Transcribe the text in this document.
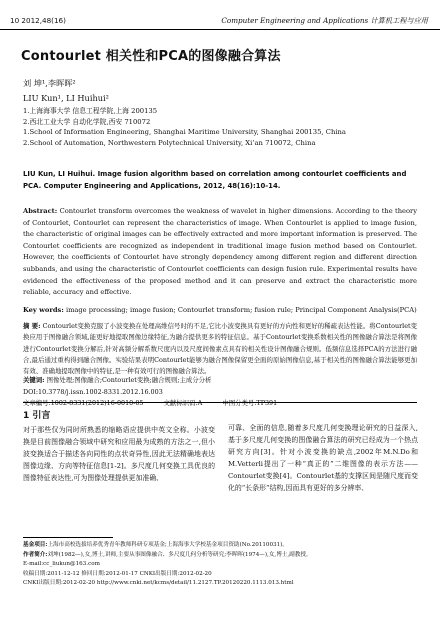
10 2012,48(16)	Computer Engineering and Applications 计算机工程与应用
Contourlet 相关性和PCA的图像融合算法
刘 坤¹,李晖晖²
LIU Kun¹, LI Huihui²
1.上海海事大学 信息工程学院,上海 200135
2.西北工业大学 自动化学院,西安 710072
1.School of Information Engineering, Shanghai Maritime University, Shanghai 200135, China
2.School of Automation, Northwestern Polytechnical University, Xi’an 710072, China
LIU Kun, LI Huihui. Image fusion algorithm based on correlation among contourlet coefficients and PCA. Computer Engineering and Applications, 2012, 48(16):10-14.
Abstract: Contourlet transform overcomes the weakness of wavelet in higher dimensions. According to the theory of Contourlet, Contourlet can represent the characteristics of image. When Contourlet is applied to image fusion, the characteristic of original images can be effectively extracted and more important information is preserved. The Contourlet coefficients are recognized as independent in traditional image fusion method based on Contourlet. However, the coefficients of Contourlet have strongly dependency among different region and different direction subbands, and using the characteristic of Contourlet coefficients can design fusion rule. Experimental results have evidenced the effectiveness of the proposed method and it can preserve and extract the characteristic more reliable, accuracy and effective.
Key words: image processing; image fusion; Contourlet transform; fusion rule; Principal Component Analysis(PCA)
摘 要: Contourlet变换克服了小波变换在处理高维信号时的不足,它比小波变换具有更好的方向性和更好的稀疏表达性能。将Contourlet变换应用于图像融合领域,能更好地提取图像边缘特征,为融合提供更多的特征信息。基于Contourlet变换系数相关性的图像融合算法是将图像进行Contourlet变换分解后,针对高频分解系数尺度内以及尺度间像素点具有的相关性设计图像融合规则。低频信息选择PCA的方法进行融合,最后通过重构得到融合图像。实验结果表明Contourlet能够为融合图像保留更全面的原始图像信息,基于相关性的图像融合算法能够更加有效、准确地提取图像中的特征,是一种有效可行的图像融合算法。
关键词: 图像处理;图像融合;Contourlet变换;融合规则;主成分分析
DOI:10.3778/j.issn.1002-8331.2012.16.003
文章编号:1002-8331(2012)16-0010-05	文献标识码:A	中图分类号:TP391
1 引言

对于那些仅为同时所熟悉的缩略语应提供中英文全称。小波变换是目前图像融合领域中研究和应用最为成熟的方法之一,但小波变换适合于描述各向同性的点状奇异性,因此无法精确地表达图像边缘、方向等特征信息[1-2]。多尺度几何变换工具优良的图像特征表达性,可为图像处理提供更加准确、

可靠、全面的信息,随着多尺度几何变换理论研究的日益深入,基于多尺度几何变换的图像融合算法的研究已经成为一个热点研究方向[3]。针对小波变换的缺点,2002年M.N.Do和M.Vetterli提出了一种“真正的”二维图像的表示方法——Contourlet变换[4]。Contourlet基的支撑区间是随尺度而变化的“长条形”结构,因而具有更好的多分辨率、

基金项目:上海市高校选拔培养优秀青年教师科研专项基金;上海海事大学校基金项目资助(No.20110031)。
作者简介:刘坤(1982—),女,博士,讲师,主要从事图像融合、多尺度几何分析等研究;李晖晖(1974—),女,博士,副教授。
E-mail:cc_liukun@163.com
收稿日期:2011-12-12 修回日期:2012-01-17 CNKI出版日期:2012-02-20
CNKI出版日期:2012-02-20 http://www.cnki.net/kcms/detail/11.2127.TP.20120220.1113.013.html
